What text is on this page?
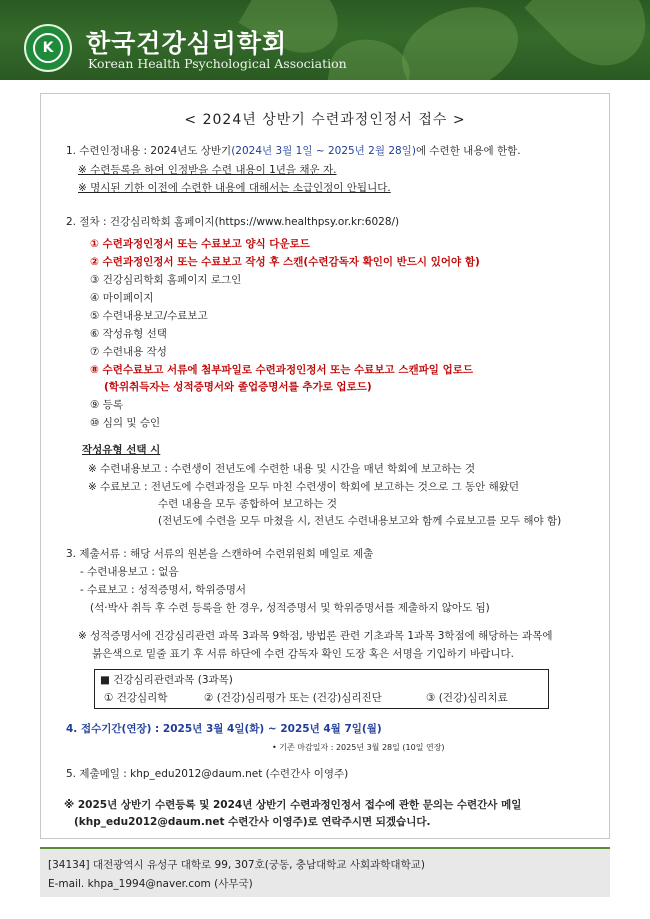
K	한국건강심리학회
Korean Health Psychological Association
< 2024년 상반기 수련과정인정서 접수 >
1. 수련인정내용 : 2024년도 상반기(2024년 3월 1일 ~ 2025년 2월 28일)에 수련한 내용에 한함.
※ 수련등록을 하여 인정받을 수련 내용이 1년을 채운 자.
※ 명시된 기한 이전에 수련한 내용에 대해서는 소급인정이 안됩니다.
2. 절차 : 건강심리학회 홈페이지(https://www.healthpsy.or.kr:6028/)
① 수련과정인정서 또는 수료보고 양식 다운로드
② 수련과정인정서 또는 수료보고 작성 후 스캔(수련감독자 확인이 반드시 있어야 함)
③ 건강심리학회 홈페이지 로그인
④ 마이페이지
⑤ 수련내용보고/수료보고
⑥ 작성유형 선택
⑦ 수련내용 작성
⑧ 수련수료보고 서류에 첨부파일로 수련과정인정서 또는 수료보고 스캔파일 업로드
(학위취득자는 성적증명서와 졸업증명서를 추가로 업로드)
⑨ 등록
⑩ 심의 및 승인
작성유형 선택 시
※ 수련내용보고 : 수련생이 전년도에 수련한 내용 및 시간을 매년 학회에 보고하는 것
※ 수료보고 : 전년도에 수련과정을 모두 마친 수련생이 학회에 보고하는 것으로 그 동안 해왔던
수련 내용을 모두 종합하여 보고하는 것
(전년도에 수련을 모두 마쳤을 시, 전년도 수련내용보고와 함께 수료보고를 모두 해야 함)
3. 제출서류 : 해당 서류의 원본을 스캔하여 수련위원회 메일로 제출
- 수련내용보고 : 없음
- 수료보고 : 성적증명서, 학위증명서
(석·박사 취득 후 수련 등록을 한 경우, 성적증명서 및 학위증명서를 제출하지 않아도 됨)
※ 성적증명서에 건강심리관련 과목 3과목 9학점, 방법론 관련 기초과목 1과목 3학점에 해당하는 과목에
붉은색으로 밑줄 표기 후 서류 하단에 수련 감독자 확인 도장 혹은 서명을 기입하기 바랍니다.
■ 건강심리관련과목 (3과목)
① 건강심리학	② (건강)심리평가 또는 (건강)심리진단	③ (건강)심리치료
4. 접수기간(연장) : 2025년 3월 4일(화) ~ 2025년 4월 7일(월)
• 기존 마감일자 : 2025년 3월 28일 (10일 연장)
5. 제출메일 : khp_edu2012@daum.net (수련간사 이영주)
※ 2025년 상반기 수련등록 및 2024년 상반기 수련과정인정서 접수에 관한 문의는 수련간사 메일
(khp_edu2012@daum.net 수련간사 이영주)로 연락주시면 되겠습니다.
[34134] 대전광역시 유성구 대학로 99, 307호(궁동, 충남대학교 사회과학대학교)
E-mail. khpa_1994@naver.com (사무국)
